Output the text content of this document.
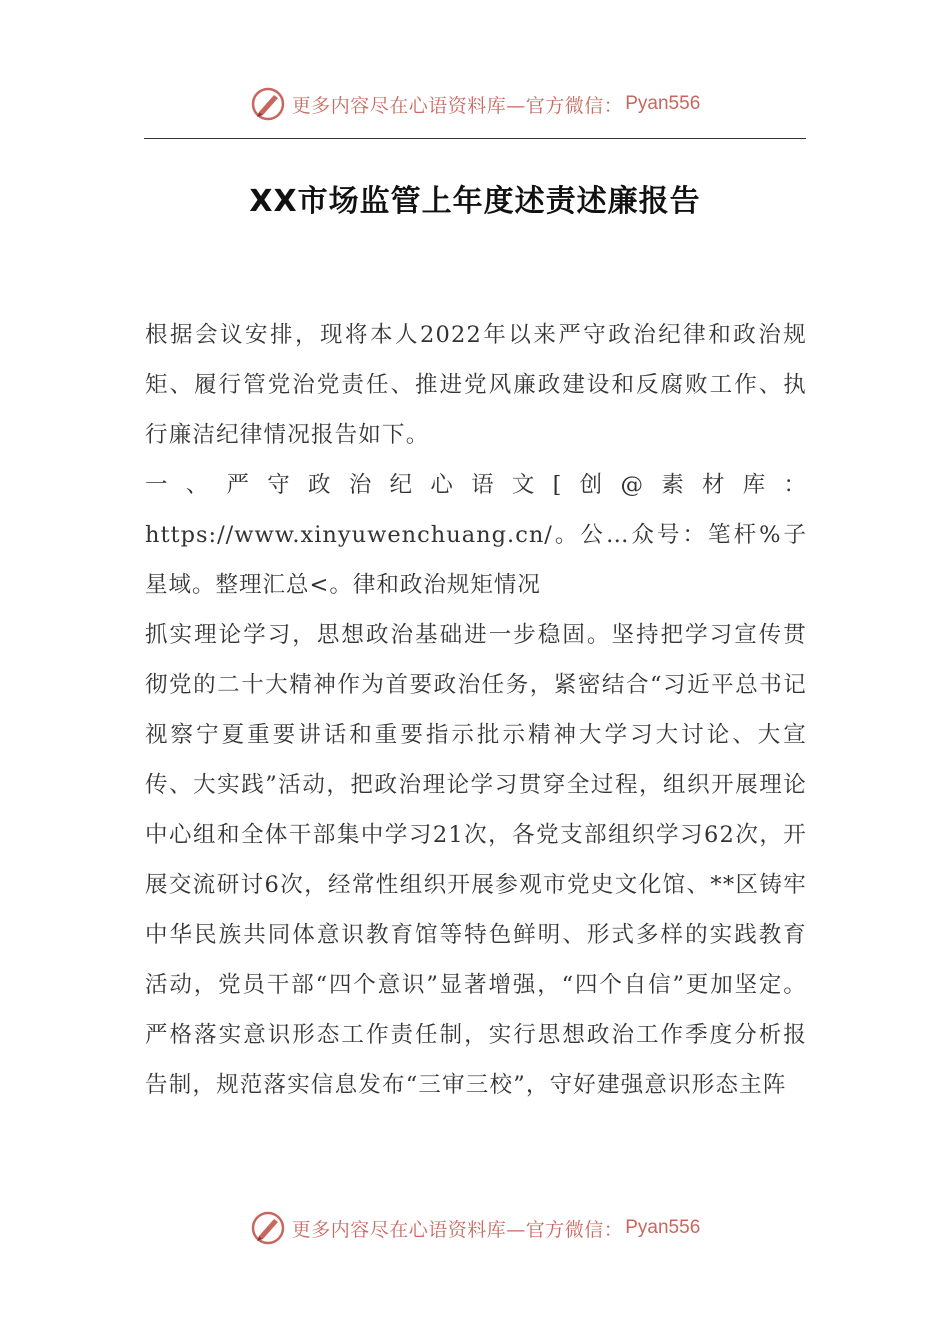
更多内容尽在心语资料库—官方微信： Pyan556
XX市场监管上年度述责述廉报告

根据会议安排，现将本人2022年以来严守政治纪律和政治规矩、履行管党治党责任、推进党风廉政建设和反腐败工作、执行廉洁纪律情况报告如下。

一、严守政治纪心语文[创@素材库：https://www.xinyuwenchuang.cn/。公…众号：笔杆%子星域。整理汇总<。律和政治规矩情况

抓实理论学习，思想政治基础进一步稳固。坚持把学习宣传贯彻党的二十大精神作为首要政治任务，紧密结合“习近平总书记视察宁夏重要讲话和重要指示批示精神大学习大讨论、大宣传、大实践”活动，把政治理论学习贯穿全过程，组织开展理论中心组和全体干部集中学习21次，各党支部组织学习62次，开展交流研讨6次，经常性组织开展参观市党史文化馆、**区铸牢中华民族共同体意识教育馆等特色鲜明、形式多样的实践教育活动，党员干部“四个意识”显著增强，“四个自信”更加坚定。严格落实意识形态工作责任制，实行思想政治工作季度分析报告制，规范落实信息发布“三审三校”，守好建强意识形态主阵

更多内容尽在心语资料库—官方微信： Pyan556
